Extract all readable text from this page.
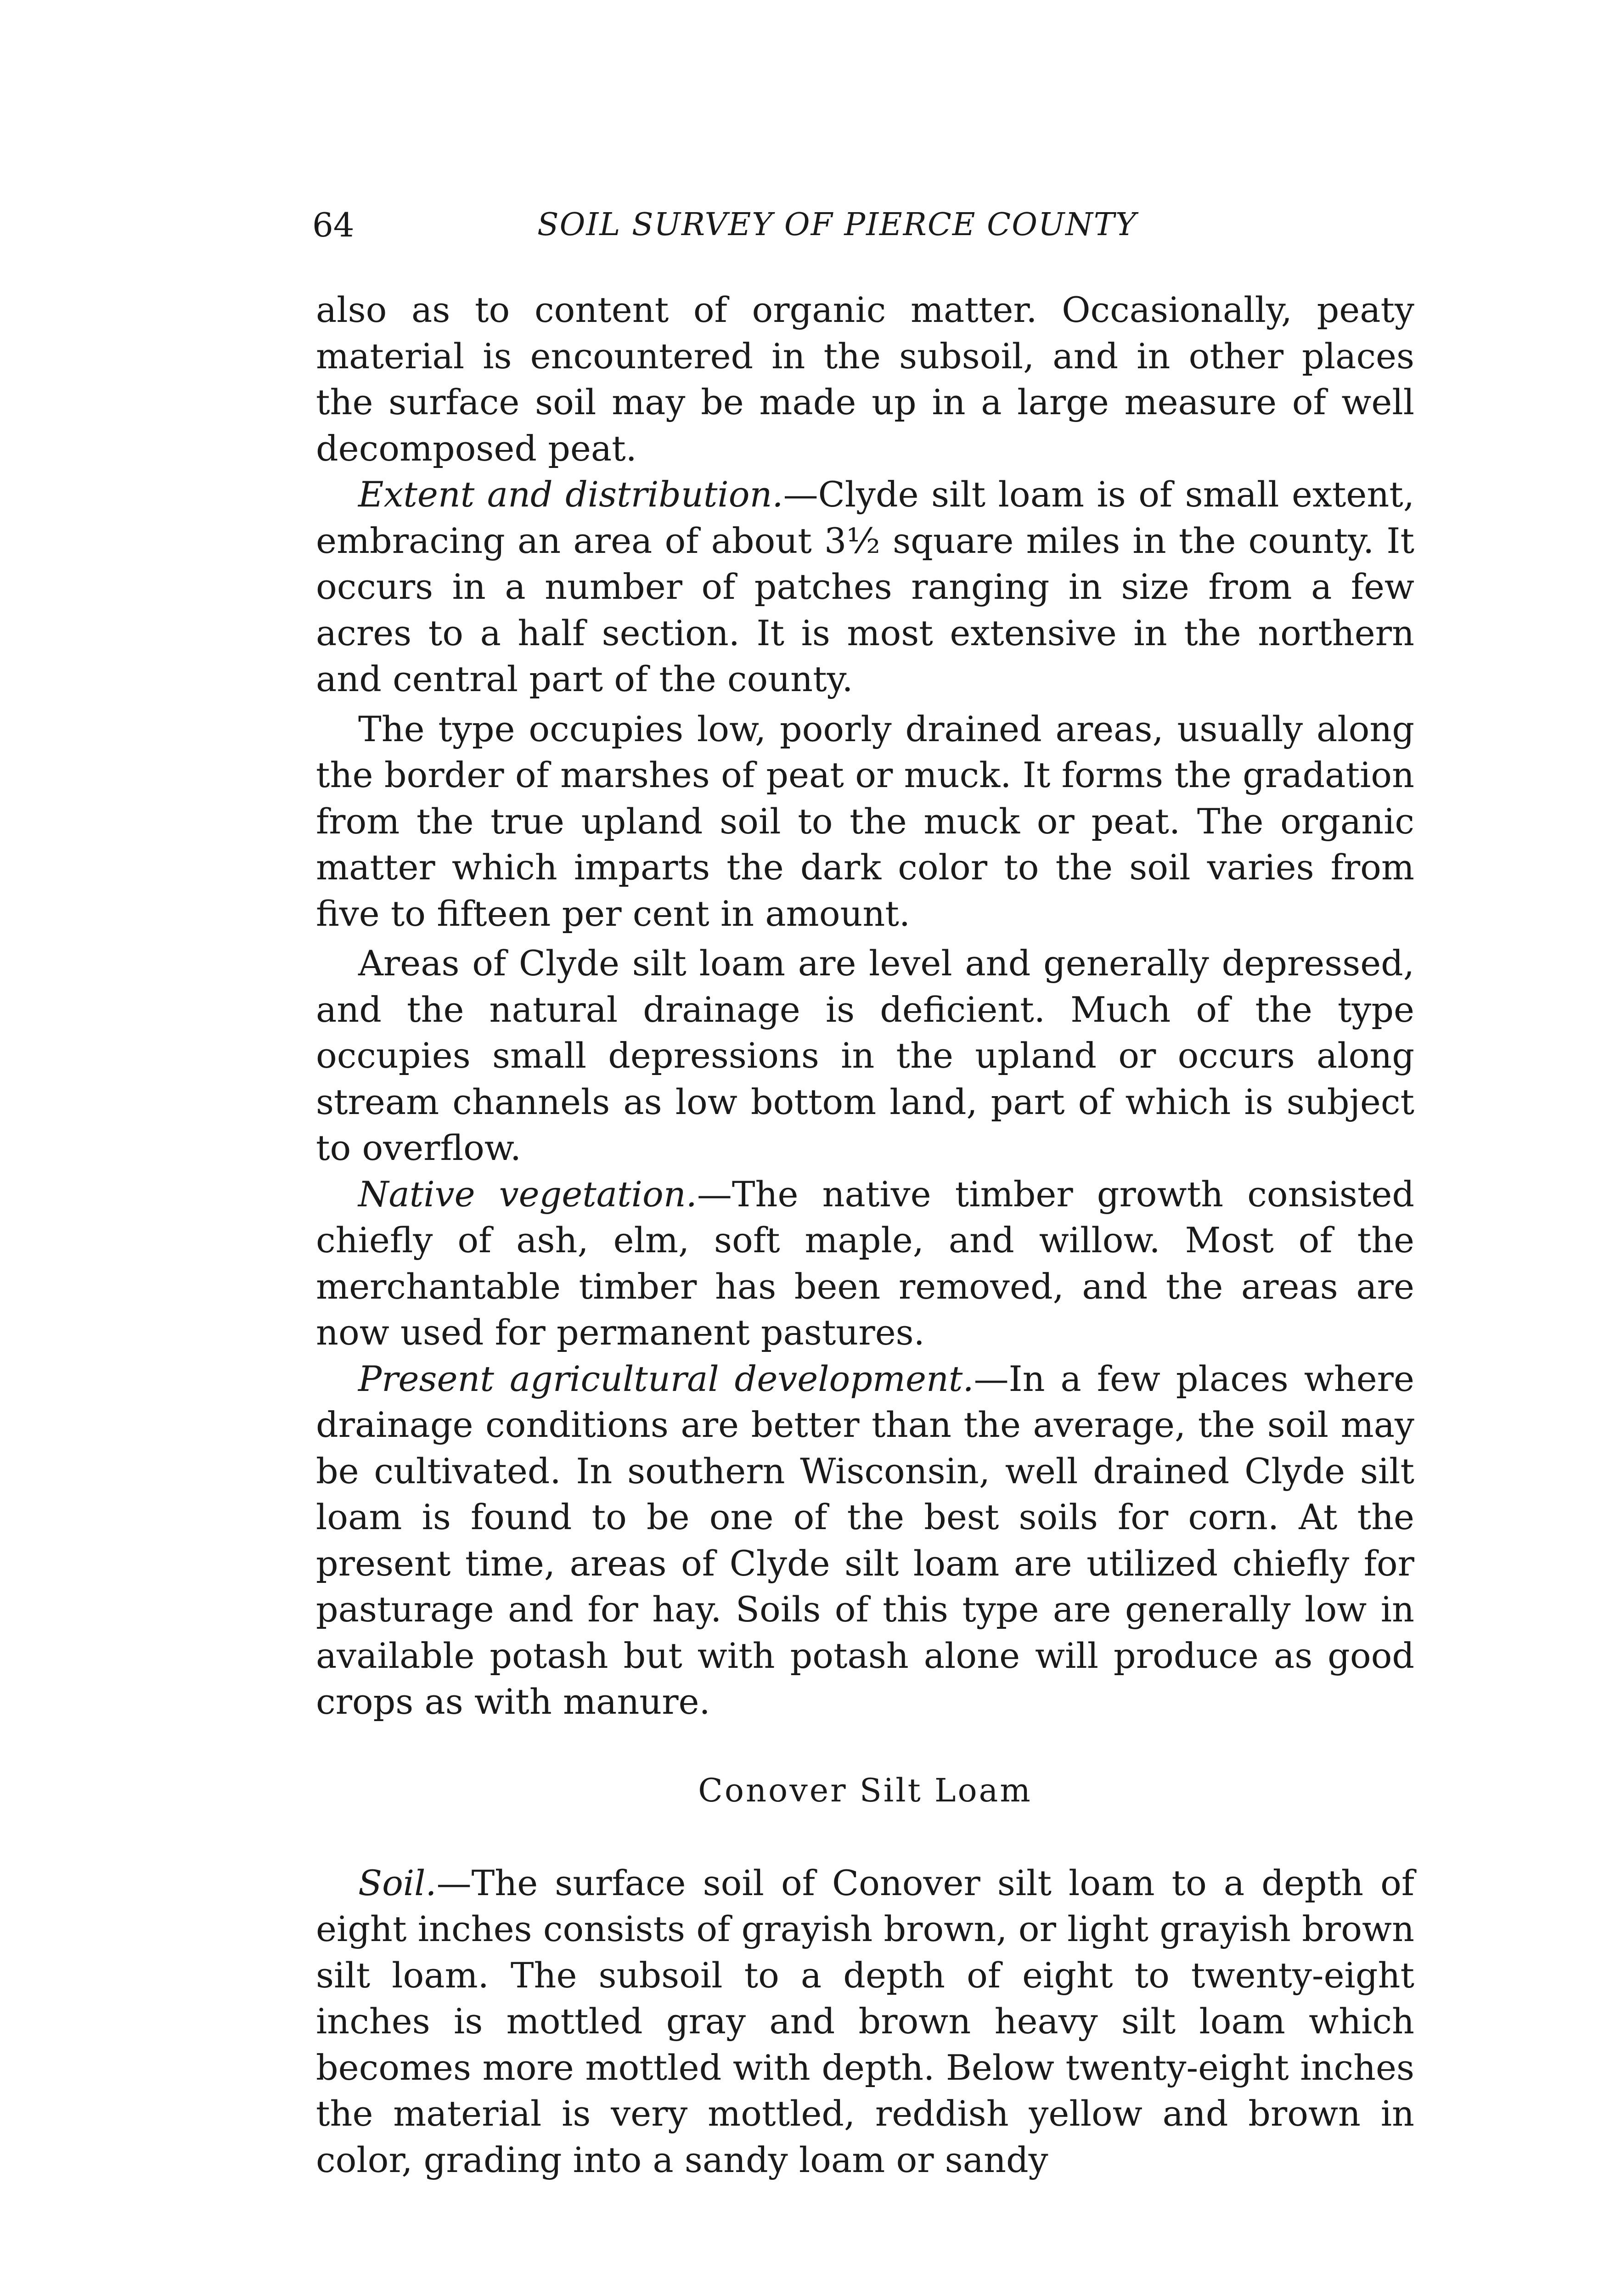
64	SOIL SURVEY OF PIERCE COUNTY

also as to content of organic matter. Occasionally, peaty material is encountered in the subsoil, and in other places the surface soil may be made up in a large measure of well decomposed peat.

Extent and distribution.—Clyde silt loam is of small extent, embracing an area of about 3½ square miles in the county. It occurs in a number of patches ranging in size from a few acres to a half section. It is most extensive in the northern and central part of the county.

The type occupies low, poorly drained areas, usually along the border of marshes of peat or muck. It forms the gradation from the true upland soil to the muck or peat. The organic matter which imparts the dark color to the soil varies from five to fifteen per cent in amount.

Areas of Clyde silt loam are level and generally depressed, and the natural drainage is deficient. Much of the type occupies small depressions in the upland or occurs along stream channels as low bottom land, part of which is subject to overflow.

Native vegetation.—The native timber growth consisted chiefly of ash, elm, soft maple, and willow. Most of the merchantable timber has been removed, and the areas are now used for permanent pastures.

Present agricultural development.—In a few places where drainage conditions are better than the average, the soil may be cultivated. In southern Wisconsin, well drained Clyde silt loam is found to be one of the best soils for corn. At the present time, areas of Clyde silt loam are utilized chiefly for pasturage and for hay. Soils of this type are generally low in available potash but with potash alone will produce as good crops as with manure.

Conover Silt Loam

Soil.—The surface soil of Conover silt loam to a depth of eight inches consists of grayish brown, or light grayish brown silt loam. The subsoil to a depth of eight to twenty-eight inches is mottled gray and brown heavy silt loam which becomes more mottled with depth. Below twenty-eight inches the material is very mottled, reddish yellow and brown in color, grading into a sandy loam or sandy
